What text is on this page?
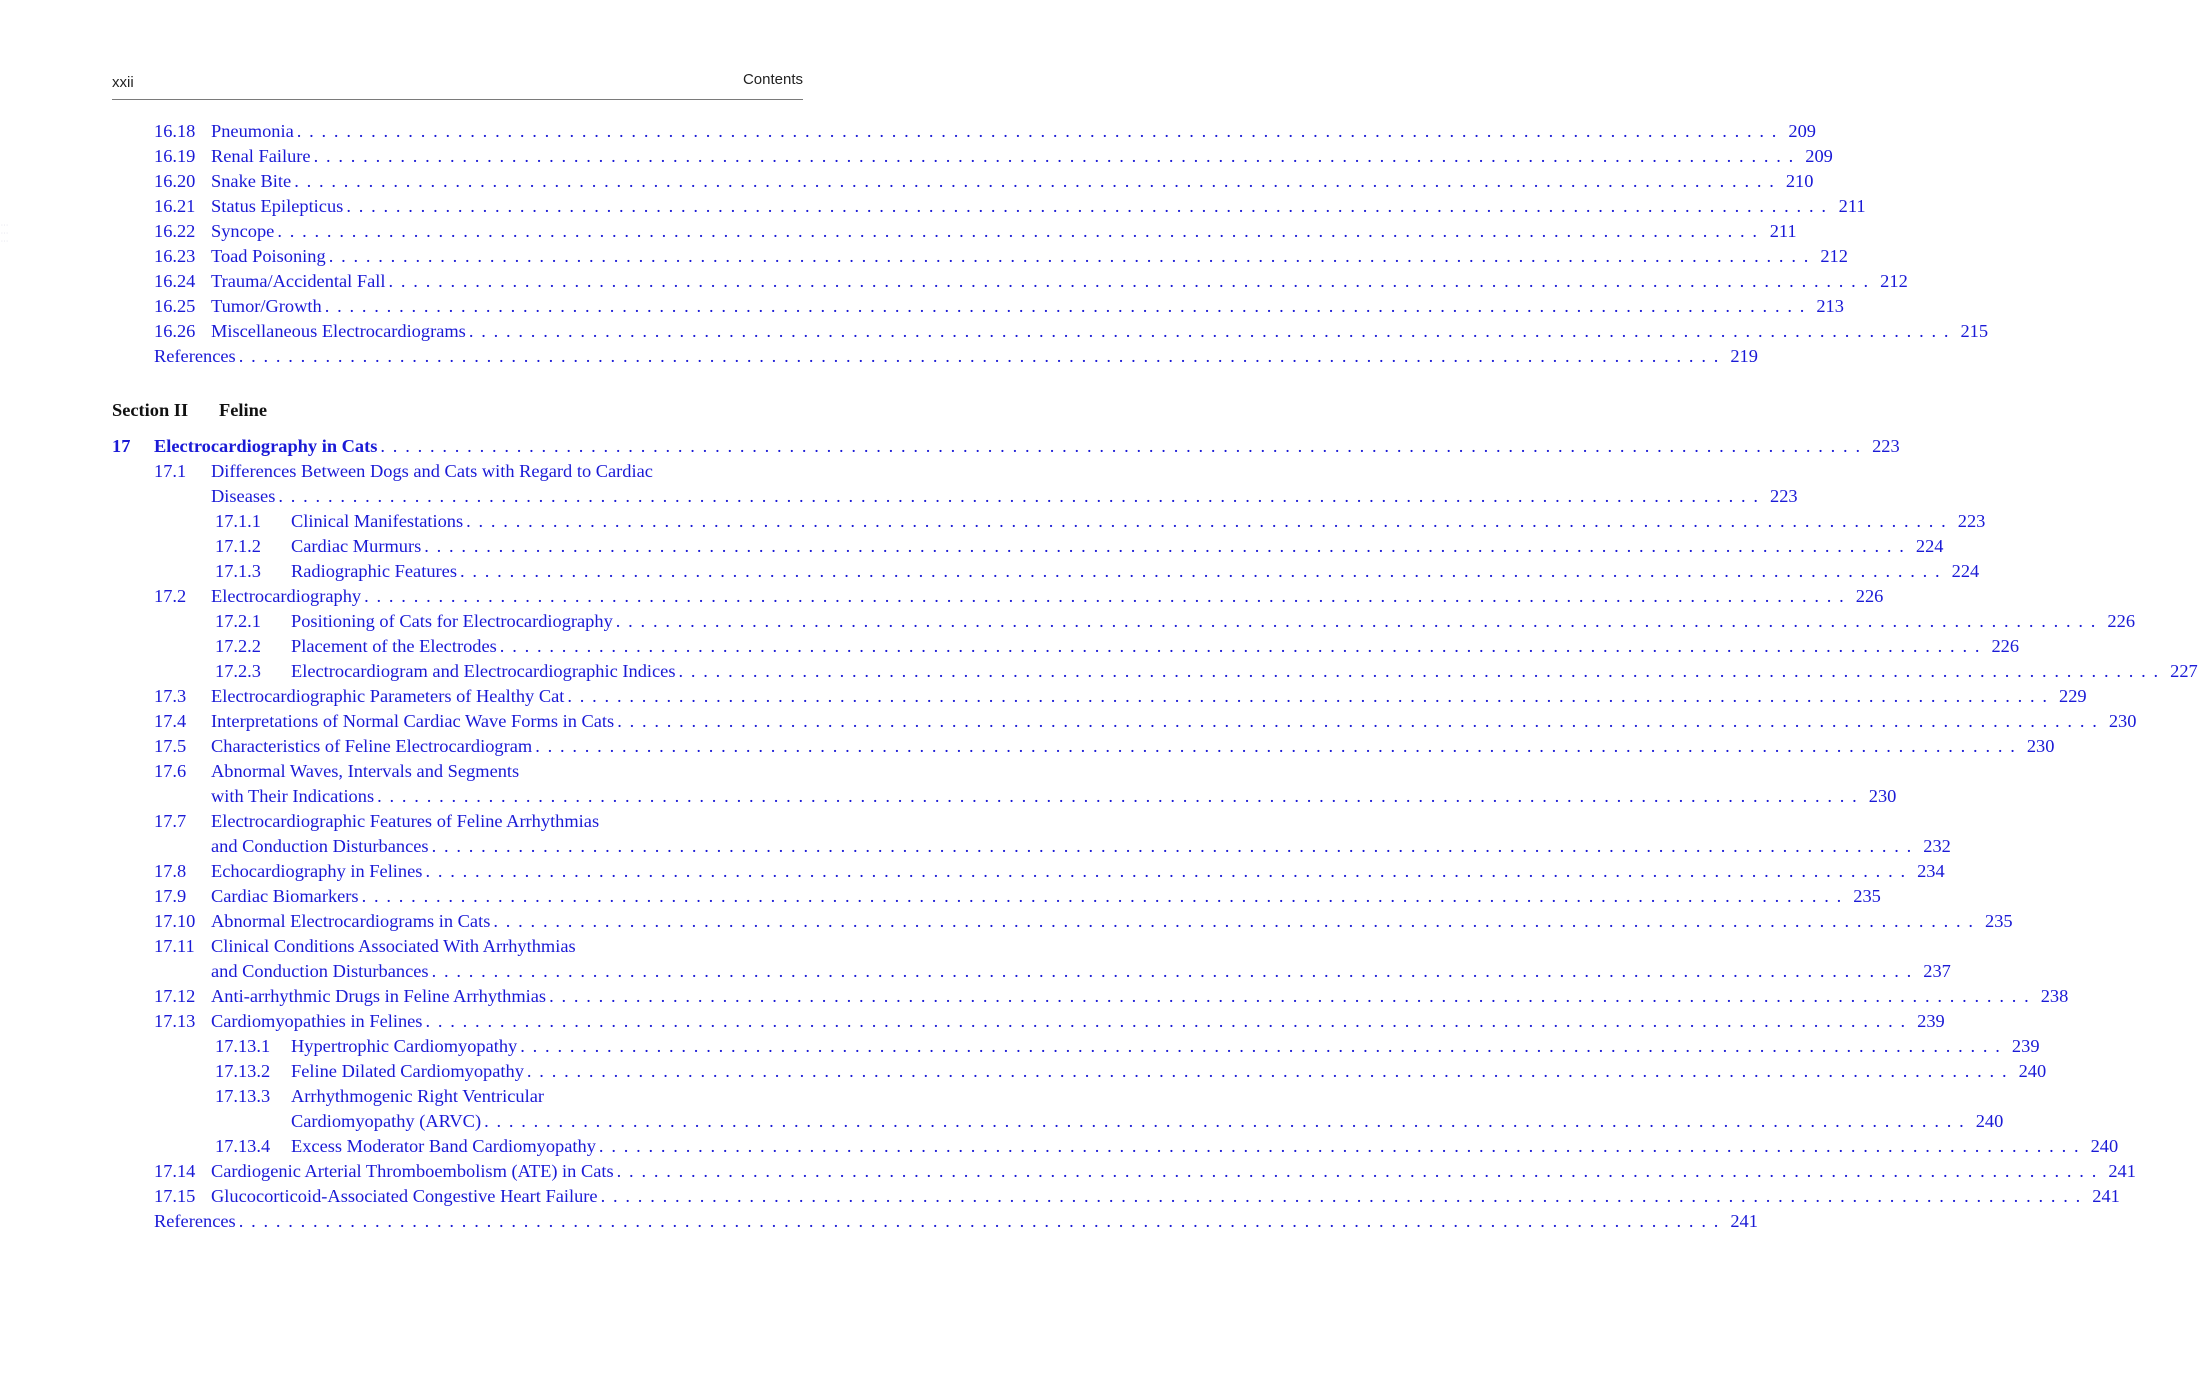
xxii	Contents
⋮⋮⋮
Section II Feline
16.18 Pneumonia . . . . . . . . . . . . . . . . . . . . . . . . . . . . . . . . . . . . . . . . . . . . . . . . . . . . . . . . . . . . . . . . . . . . . . . . . . . . . . . . . . . . . . . . . . . . . . . . . . . . . . . . . . . . . . . . . . . . . . . . 209
16.19 Renal Failure . . . . . . . . . . . . . . . . . . . . . . . . . . . . . . . . . . . . . . . . . . . . . . . . . . . . . . . . . . . . . . . . . . . . . . . . . . . . . . . . . . . . . . . . . . . . . . . . . . . . . . . . . . . . . . . . . . . . . . . . 209
16.20 Snake Bite . . . . . . . . . . . . . . . . . . . . . . . . . . . . . . . . . . . . . . . . . . . . . . . . . . . . . . . . . . . . . . . . . . . . . . . . . . . . . . . . . . . . . . . . . . . . . . . . . . . . . . . . . . . . . . . . . . . . . . . . 210
16.21 Status Epilepticus . . . . . . . . . . . . . . . . . . . . . . . . . . . . . . . . . . . . . . . . . . . . . . . . . . . . . . . . . . . . . . . . . . . . . . . . . . . . . . . . . . . . . . . . . . . . . . . . . . . . . . . . . . . . . . . . . . . . . . . . 211
16.22 Syncope . . . . . . . . . . . . . . . . . . . . . . . . . . . . . . . . . . . . . . . . . . . . . . . . . . . . . . . . . . . . . . . . . . . . . . . . . . . . . . . . . . . . . . . . . . . . . . . . . . . . . . . . . . . . . . . . . . . . . . . . 211
16.23 Toad Poisoning . . . . . . . . . . . . . . . . . . . . . . . . . . . . . . . . . . . . . . . . . . . . . . . . . . . . . . . . . . . . . . . . . . . . . . . . . . . . . . . . . . . . . . . . . . . . . . . . . . . . . . . . . . . . . . . . . . . . . . . . 212
16.24 Trauma/Accidental Fall . . . . . . . . . . . . . . . . . . . . . . . . . . . . . . . . . . . . . . . . . . . . . . . . . . . . . . . . . . . . . . . . . . . . . . . . . . . . . . . . . . . . . . . . . . . . . . . . . . . . . . . . . . . . . . . . . . . . . . . . 212
16.25 Tumor/Growth . . . . . . . . . . . . . . . . . . . . . . . . . . . . . . . . . . . . . . . . . . . . . . . . . . . . . . . . . . . . . . . . . . . . . . . . . . . . . . . . . . . . . . . . . . . . . . . . . . . . . . . . . . . . . . . . . . . . . . . . 213
16.26 Miscellaneous Electrocardiograms . . . . . . . . . . . . . . . . . . . . . . . . . . . . . . . . . . . . . . . . . . . . . . . . . . . . . . . . . . . . . . . . . . . . . . . . . . . . . . . . . . . . . . . . . . . . . . . . . . . . . . . . . . . . . . . . . . . . . . . . 215
References . . . . . . . . . . . . . . . . . . . . . . . . . . . . . . . . . . . . . . . . . . . . . . . . . . . . . . . . . . . . . . . . . . . . . . . . . . . . . . . . . . . . . . . . . . . . . . . . . . . . . . . . . . . . . . . . . . . . . . . . 219
17 Electrocardiography in Cats . . . . . . . . . . . . . . . . . . . . . . . . . . . . . . . . . . . . . . . . . . . . . . . . . . . . . . . . . . . . . . . . . . . . . . . . . . . . . . . . . . . . . . . . . . . . . . . . . . . . . . . . . . . . . . . . . . . . . . . . 223
17.1 Differences Between Dogs and Cats with Regard to Cardiac
Diseases . . . . . . . . . . . . . . . . . . . . . . . . . . . . . . . . . . . . . . . . . . . . . . . . . . . . . . . . . . . . . . . . . . . . . . . . . . . . . . . . . . . . . . . . . . . . . . . . . . . . . . . . . . . . . . . . . . . . . . . . 223
17.1.1 Clinical Manifestations . . . . . . . . . . . . . . . . . . . . . . . . . . . . . . . . . . . . . . . . . . . . . . . . . . . . . . . . . . . . . . . . . . . . . . . . . . . . . . . . . . . . . . . . . . . . . . . . . . . . . . . . . . . . . . . . . . . . . . . . 223
17.1.2 Cardiac Murmurs . . . . . . . . . . . . . . . . . . . . . . . . . . . . . . . . . . . . . . . . . . . . . . . . . . . . . . . . . . . . . . . . . . . . . . . . . . . . . . . . . . . . . . . . . . . . . . . . . . . . . . . . . . . . . . . . . . . . . . . . 224
17.1.3 Radiographic Features . . . . . . . . . . . . . . . . . . . . . . . . . . . . . . . . . . . . . . . . . . . . . . . . . . . . . . . . . . . . . . . . . . . . . . . . . . . . . . . . . . . . . . . . . . . . . . . . . . . . . . . . . . . . . . . . . . . . . . . . 224
17.2 Electrocardiography . . . . . . . . . . . . . . . . . . . . . . . . . . . . . . . . . . . . . . . . . . . . . . . . . . . . . . . . . . . . . . . . . . . . . . . . . . . . . . . . . . . . . . . . . . . . . . . . . . . . . . . . . . . . . . . . . . . . . . . . 226
17.2.1 Positioning of Cats for Electrocardiography . . . . . . . . . . . . . . . . . . . . . . . . . . . . . . . . . . . . . . . . . . . . . . . . . . . . . . . . . . . . . . . . . . . . . . . . . . . . . . . . . . . . . . . . . . . . . . . . . . . . . . . . . . . . . . . . . . . . . . . . 226
17.2.2 Placement of the Electrodes . . . . . . . . . . . . . . . . . . . . . . . . . . . . . . . . . . . . . . . . . . . . . . . . . . . . . . . . . . . . . . . . . . . . . . . . . . . . . . . . . . . . . . . . . . . . . . . . . . . . . . . . . . . . . . . . . . . . . . . . 226
17.2.3 Electrocardiogram and Electrocardiographic Indices . . . . . . . . . . . . . . . . . . . . . . . . . . . . . . . . . . . . . . . . . . . . . . . . . . . . . . . . . . . . . . . . . . . . . . . . . . . . . . . . . . . . . . . . . . . . . . . . . . . . . . . . . . . . . . . . . . . . . . . . 227
17.3 Electrocardiographic Parameters of Healthy Cat . . . . . . . . . . . . . . . . . . . . . . . . . . . . . . . . . . . . . . . . . . . . . . . . . . . . . . . . . . . . . . . . . . . . . . . . . . . . . . . . . . . . . . . . . . . . . . . . . . . . . . . . . . . . . . . . . . . . . . . . 229
17.4 Interpretations of Normal Cardiac Wave Forms in Cats . . . . . . . . . . . . . . . . . . . . . . . . . . . . . . . . . . . . . . . . . . . . . . . . . . . . . . . . . . . . . . . . . . . . . . . . . . . . . . . . . . . . . . . . . . . . . . . . . . . . . . . . . . . . . . . . . . . . . . . . 230
17.5 Characteristics of Feline Electrocardiogram . . . . . . . . . . . . . . . . . . . . . . . . . . . . . . . . . . . . . . . . . . . . . . . . . . . . . . . . . . . . . . . . . . . . . . . . . . . . . . . . . . . . . . . . . . . . . . . . . . . . . . . . . . . . . . . . . . . . . . . . 230
17.6 Abnormal Waves, Intervals and Segments
with Their Indications . . . . . . . . . . . . . . . . . . . . . . . . . . . . . . . . . . . . . . . . . . . . . . . . . . . . . . . . . . . . . . . . . . . . . . . . . . . . . . . . . . . . . . . . . . . . . . . . . . . . . . . . . . . . . . . . . . . . . . . . 230
17.7 Electrocardiographic Features of Feline Arrhythmias
and Conduction Disturbances . . . . . . . . . . . . . . . . . . . . . . . . . . . . . . . . . . . . . . . . . . . . . . . . . . . . . . . . . . . . . . . . . . . . . . . . . . . . . . . . . . . . . . . . . . . . . . . . . . . . . . . . . . . . . . . . . . . . . . . . 232
17.8 Echocardiography in Felines . . . . . . . . . . . . . . . . . . . . . . . . . . . . . . . . . . . . . . . . . . . . . . . . . . . . . . . . . . . . . . . . . . . . . . . . . . . . . . . . . . . . . . . . . . . . . . . . . . . . . . . . . . . . . . . . . . . . . . . . 234
17.9 Cardiac Biomarkers . . . . . . . . . . . . . . . . . . . . . . . . . . . . . . . . . . . . . . . . . . . . . . . . . . . . . . . . . . . . . . . . . . . . . . . . . . . . . . . . . . . . . . . . . . . . . . . . . . . . . . . . . . . . . . . . . . . . . . . . 235
17.10 Abnormal Electrocardiograms in Cats . . . . . . . . . . . . . . . . . . . . . . . . . . . . . . . . . . . . . . . . . . . . . . . . . . . . . . . . . . . . . . . . . . . . . . . . . . . . . . . . . . . . . . . . . . . . . . . . . . . . . . . . . . . . . . . . . . . . . . . . 235
17.11 Clinical Conditions Associated With Arrhythmias
and Conduction Disturbances . . . . . . . . . . . . . . . . . . . . . . . . . . . . . . . . . . . . . . . . . . . . . . . . . . . . . . . . . . . . . . . . . . . . . . . . . . . . . . . . . . . . . . . . . . . . . . . . . . . . . . . . . . . . . . . . . . . . . . . . 237
17.12 Anti-arrhythmic Drugs in Feline Arrhythmias . . . . . . . . . . . . . . . . . . . . . . . . . . . . . . . . . . . . . . . . . . . . . . . . . . . . . . . . . . . . . . . . . . . . . . . . . . . . . . . . . . . . . . . . . . . . . . . . . . . . . . . . . . . . . . . . . . . . . . . . 238
17.13 Cardiomyopathies in Felines . . . . . . . . . . . . . . . . . . . . . . . . . . . . . . . . . . . . . . . . . . . . . . . . . . . . . . . . . . . . . . . . . . . . . . . . . . . . . . . . . . . . . . . . . . . . . . . . . . . . . . . . . . . . . . . . . . . . . . . . 239
17.13.1 Hypertrophic Cardiomyopathy . . . . . . . . . . . . . . . . . . . . . . . . . . . . . . . . . . . . . . . . . . . . . . . . . . . . . . . . . . . . . . . . . . . . . . . . . . . . . . . . . . . . . . . . . . . . . . . . . . . . . . . . . . . . . . . . . . . . . . . . 239
17.13.2 Feline Dilated Cardiomyopathy . . . . . . . . . . . . . . . . . . . . . . . . . . . . . . . . . . . . . . . . . . . . . . . . . . . . . . . . . . . . . . . . . . . . . . . . . . . . . . . . . . . . . . . . . . . . . . . . . . . . . . . . . . . . . . . . . . . . . . . . 240
17.13.3 Arrhythmogenic Right Ventricular
Cardiomyopathy (ARVC) . . . . . . . . . . . . . . . . . . . . . . . . . . . . . . . . . . . . . . . . . . . . . . . . . . . . . . . . . . . . . . . . . . . . . . . . . . . . . . . . . . . . . . . . . . . . . . . . . . . . . . . . . . . . . . . . . . . . . . . . 240
17.13.4 Excess Moderator Band Cardiomyopathy . . . . . . . . . . . . . . . . . . . . . . . . . . . . . . . . . . . . . . . . . . . . . . . . . . . . . . . . . . . . . . . . . . . . . . . . . . . . . . . . . . . . . . . . . . . . . . . . . . . . . . . . . . . . . . . . . . . . . . . . 240
17.14 Cardiogenic Arterial Thromboembolism (ATE) in Cats . . . . . . . . . . . . . . . . . . . . . . . . . . . . . . . . . . . . . . . . . . . . . . . . . . . . . . . . . . . . . . . . . . . . . . . . . . . . . . . . . . . . . . . . . . . . . . . . . . . . . . . . . . . . . . . . . . . . . . . . 241
17.15 Glucocorticoid-Associated Congestive Heart Failure . . . . . . . . . . . . . . . . . . . . . . . . . . . . . . . . . . . . . . . . . . . . . . . . . . . . . . . . . . . . . . . . . . . . . . . . . . . . . . . . . . . . . . . . . . . . . . . . . . . . . . . . . . . . . . . . . . . . . . . . 241
References . . . . . . . . . . . . . . . . . . . . . . . . . . . . . . . . . . . . . . . . . . . . . . . . . . . . . . . . . . . . . . . . . . . . . . . . . . . . . . . . . . . . . . . . . . . . . . . . . . . . . . . . . . . . . . . . . . . . . . . . 241
